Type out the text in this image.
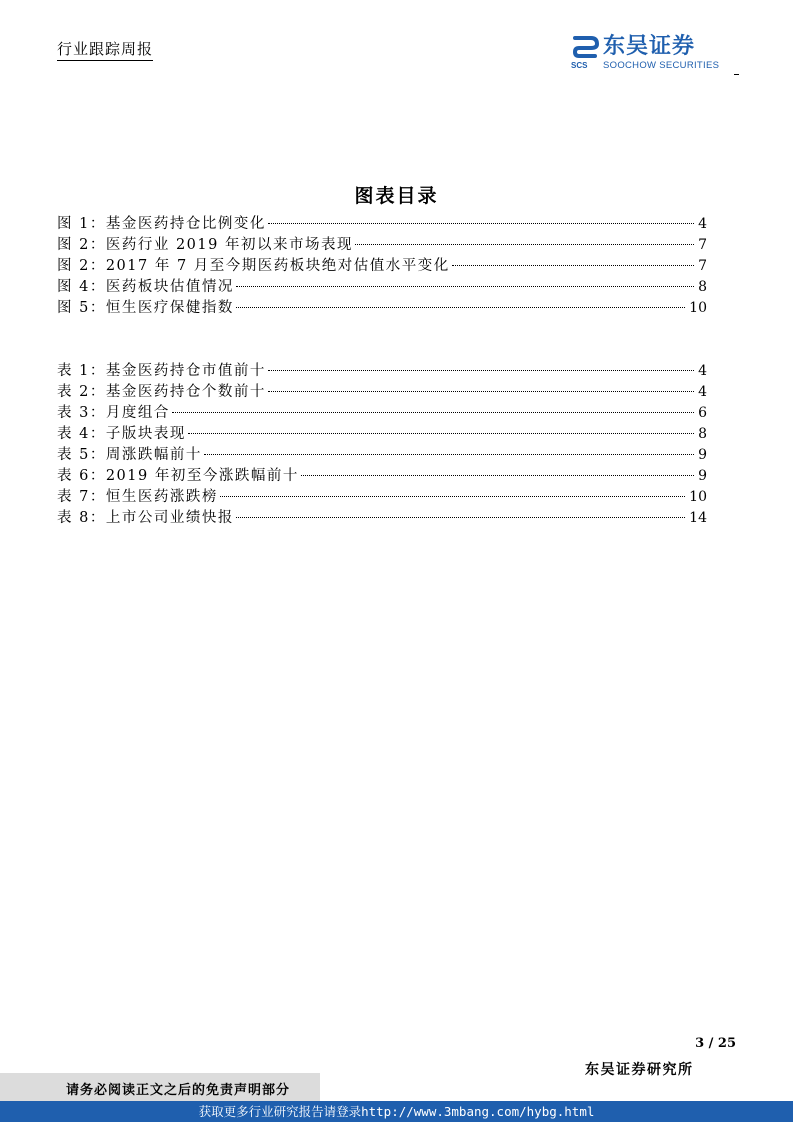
行业跟踪周报	东吴证券
SCS SOOCHOW SECURITIES
图表目录
图 1：基金医药持仓比例变化	4
图 2：医药行业 2019 年初以来市场表现	7
图 2：2017 年 7 月至今期医药板块绝对估值水平变化	7
图 4：医药板块估值情况	8
图 5：恒生医疗保健指数	10
表 1：基金医药持仓市值前十	4
表 2：基金医药持仓个数前十	4
表 3：月度组合	6
表 4：子版块表现	8
表 5：周涨跌幅前十	9
表 6：2019 年初至今涨跌幅前十	9
表 7：恒生医药涨跌榜	10
表 8：上市公司业绩快报	14
3 / 25
东吴证券研究所
请务必阅读正文之后的免责声明部分
获取更多行业研究报告请登录http://www.3mbang.com/hybg.html
